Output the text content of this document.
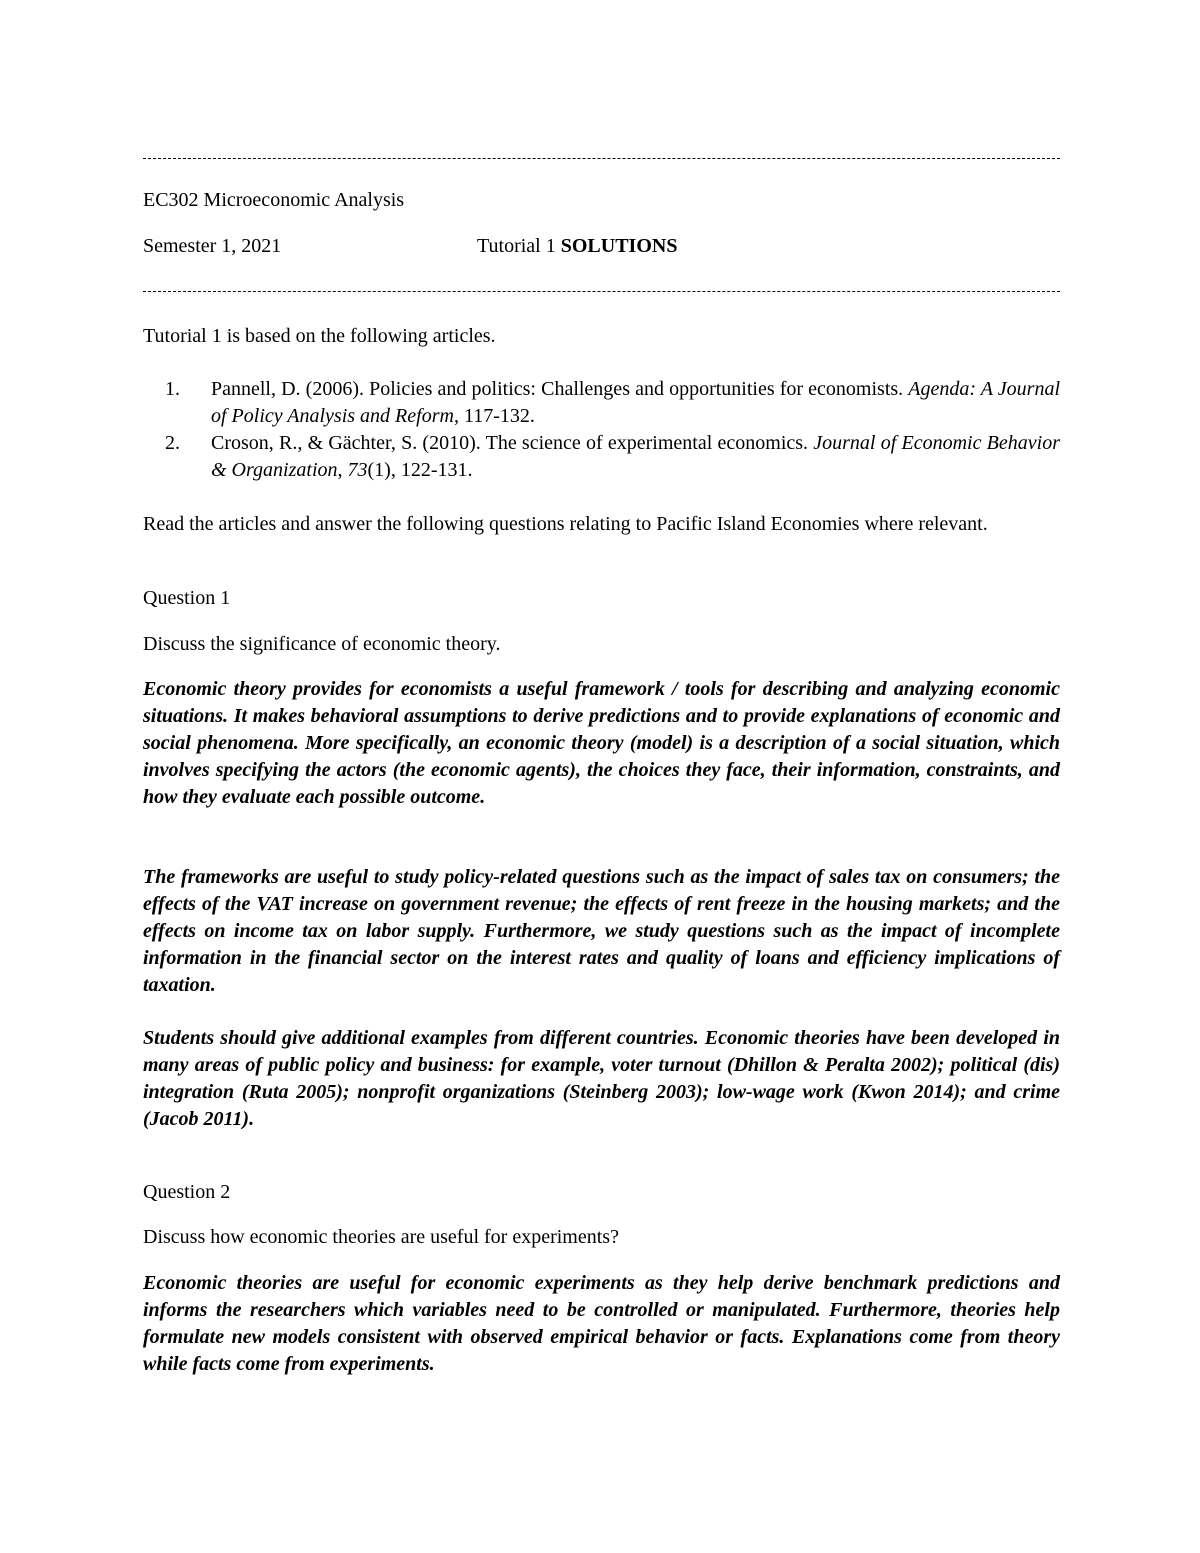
EC302 Microeconomic Analysis

Semester 1, 2021	Tutorial 1 SOLUTIONS

Tutorial 1 is based on the following articles.

1. Pannell, D. (2006). Policies and politics: Challenges and opportunities for economists. Agenda: A Journal of Policy Analysis and Reform, 117-132.
2. Croson, R., & Gächter, S. (2010). The science of experimental economics. Journal of Economic Behavior & Organization, 73(1), 122-131.

Read the articles and answer the following questions relating to Pacific Island Economies where relevant.

Question 1

Discuss the significance of economic theory.

Economic theory provides for economists a useful framework / tools for describing and analyzing economic situations. It makes behavioral assumptions to derive predictions and to provide explanations of economic and social phenomena. More specifically, an economic theory (model) is a description of a social situation, which involves specifying the actors (the economic agents), the choices they face, their information, constraints, and how they evaluate each possible outcome.

The frameworks are useful to study policy-related questions such as the impact of sales tax on consumers; the effects of the VAT increase on government revenue; the effects of rent freeze in the housing markets; and the effects on income tax on labor supply. Furthermore, we study questions such as the impact of incomplete information in the financial sector on the interest rates and quality of loans and efficiency implications of taxation.

Students should give additional examples from different countries. Economic theories have been developed in many areas of public policy and business: for example, voter turnout (Dhillon & Peralta 2002); political (dis) integration (Ruta 2005); nonprofit organizations (Steinberg 2003); low-wage work (Kwon 2014); and crime (Jacob 2011).

Question 2

Discuss how economic theories are useful for experiments?

Economic theories are useful for economic experiments as they help derive benchmark predictions and informs the researchers which variables need to be controlled or manipulated. Furthermore, theories help formulate new models consistent with observed empirical behavior or facts. Explanations come from theory while facts come from experiments.
